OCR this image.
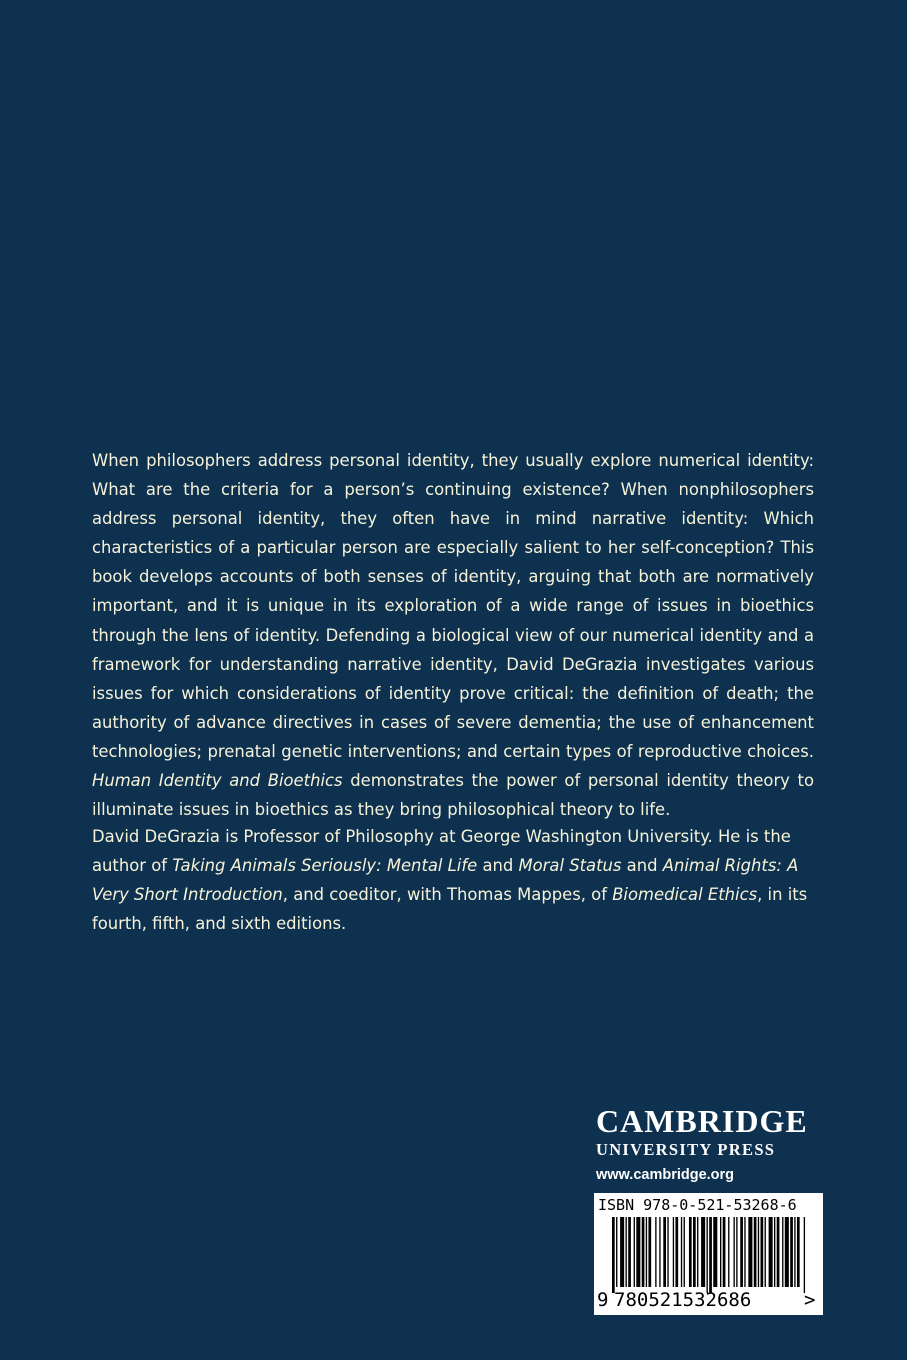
When philosophers address personal identity, they usually explore numerical identity: What are the criteria for a person’s continuing existence? When nonphilosophers address personal identity, they often have in mind narrative identity: Which characteristics of a particular person are especially salient to her self-conception? This book develops accounts of both senses of identity, arguing that both are normatively important, and it is unique in its exploration of a wide range of issues in bioethics through the lens of identity. Defending a biological view of our numerical identity and a framework for understanding narrative identity, David DeGrazia investigates various issues for which considerations of identity prove critical: the definition of death; the authority of advance directives in cases of severe dementia; the use of enhancement technologies; prenatal genetic interventions; and certain types of reproductive choices. Human Identity and Bioethics demonstrates the power of personal identity theory to illuminate issues in bioethics as they bring philosophical theory to life.

David DeGrazia is Professor of Philosophy at George Washington University. He is the author of Taking Animals Seriously: Mental Life and Moral Status and Animal Rights: A Very Short Introduction, and coeditor, with Thomas Mappes, of Biomedical Ethics, in its fourth, fifth, and sixth editions.

CAMBRIDGE
UNIVERSITY PRESS
www.cambridge.org
ISBN 978-0-521-53268-6
9 780521532686	>
